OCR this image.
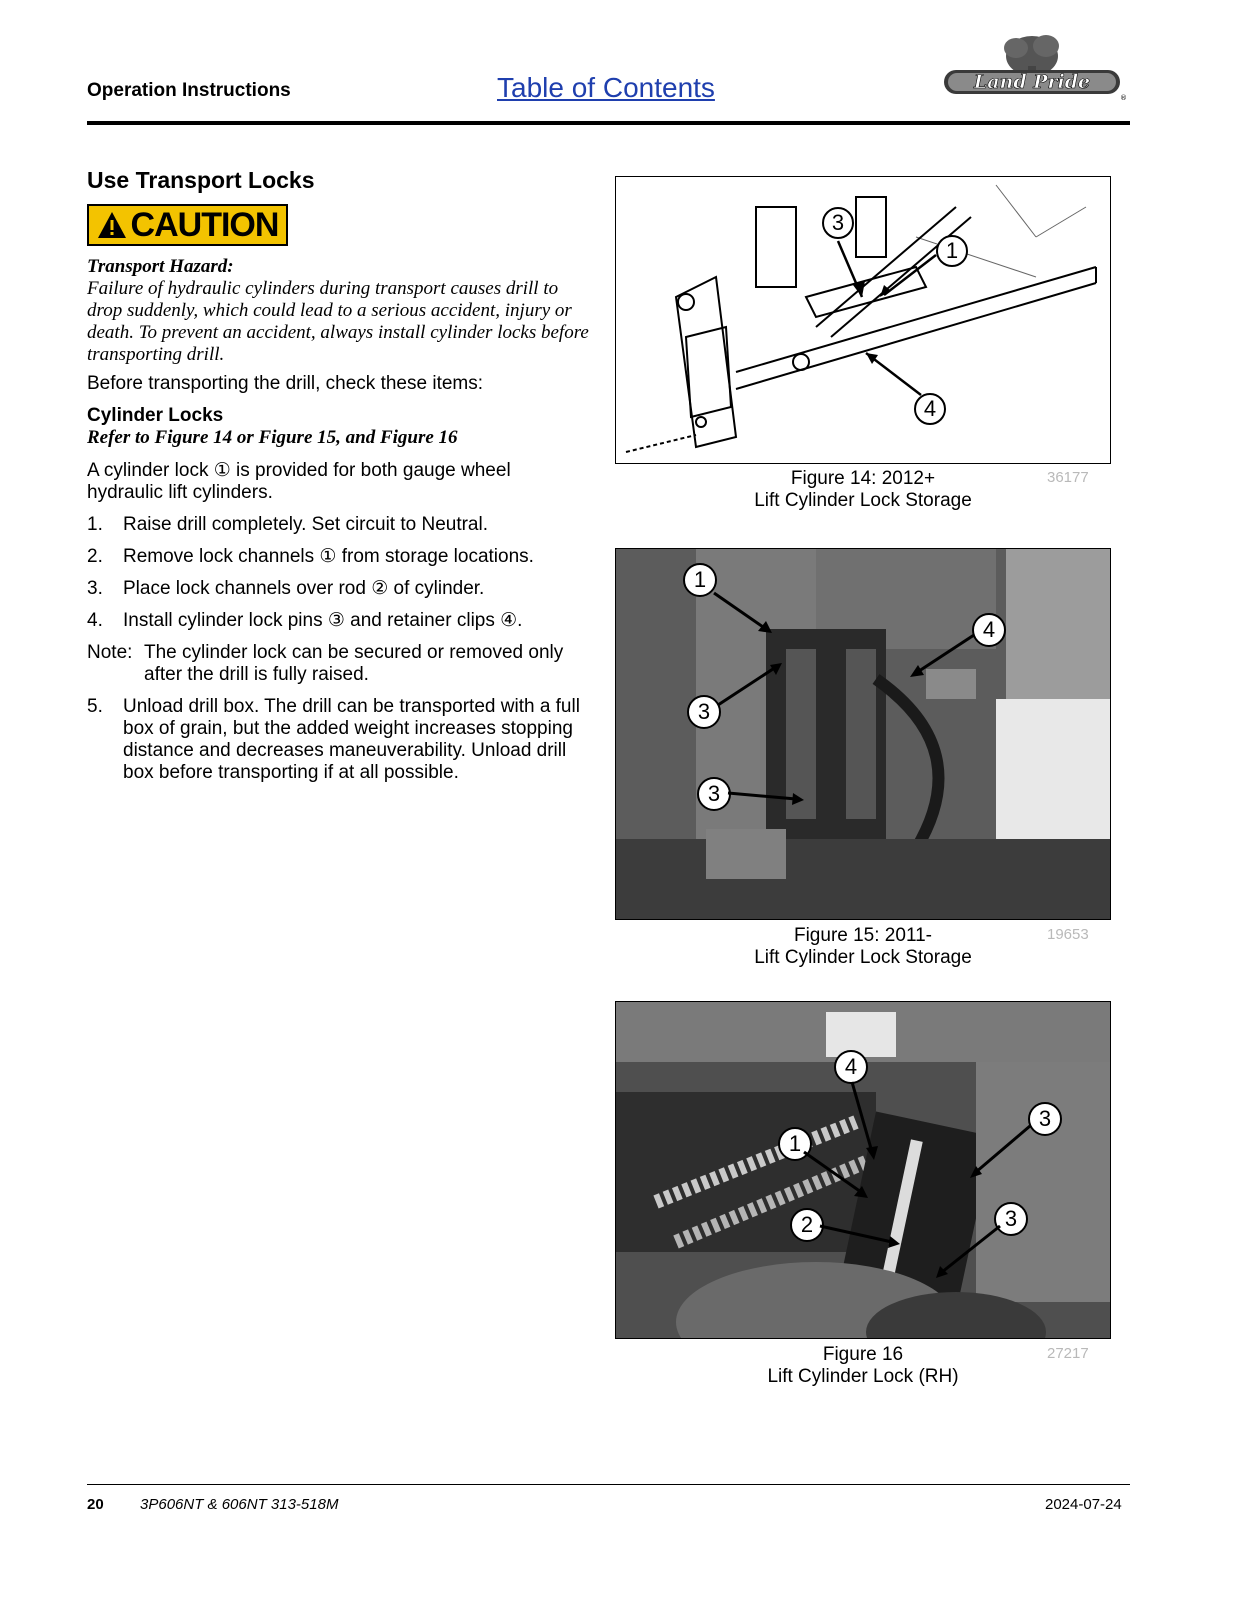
Operation Instructions	Table of Contents	Land Pride
®
Use Transport Locks
CAUTION
Transport Hazard:
Failure of hydraulic cylinders during transport causes drill to drop suddenly, which could lead to a serious accident, injury or death. To prevent an accident, always install cylinder locks before transporting drill.
Before transporting the drill, check these items:
Cylinder Locks
Refer to Figure 14 or Figure 15, and Figure 16
A cylinder lock ① is provided for both gauge wheel hydraulic lift cylinders.
1.	Raise drill completely. Set circuit to Neutral.
2.	Remove lock channels ① from storage locations.
3.	Place lock channels over rod ② of cylinder.
4.	Install cylinder lock pins ③ and retainer clips ④.
Note: The cylinder lock can be secured or removed only after the drill is fully raised.
5.	Unload drill box. The drill can be transported with a full box of grain, but the added weight increases stopping distance and decreases maneuverability. Unload drill box before transporting if at all possible.
3
1
4
Figure 14: 2012+
Lift Cylinder Lock Storage
36177
1
4
3
3
Figure 15: 2011-
Lift Cylinder Lock Storage
19653
4
3
1
2	3
Figure 16
Lift Cylinder Lock (RH)
27217
20 3P606NT & 606NT 313-518M	2024-07-24
